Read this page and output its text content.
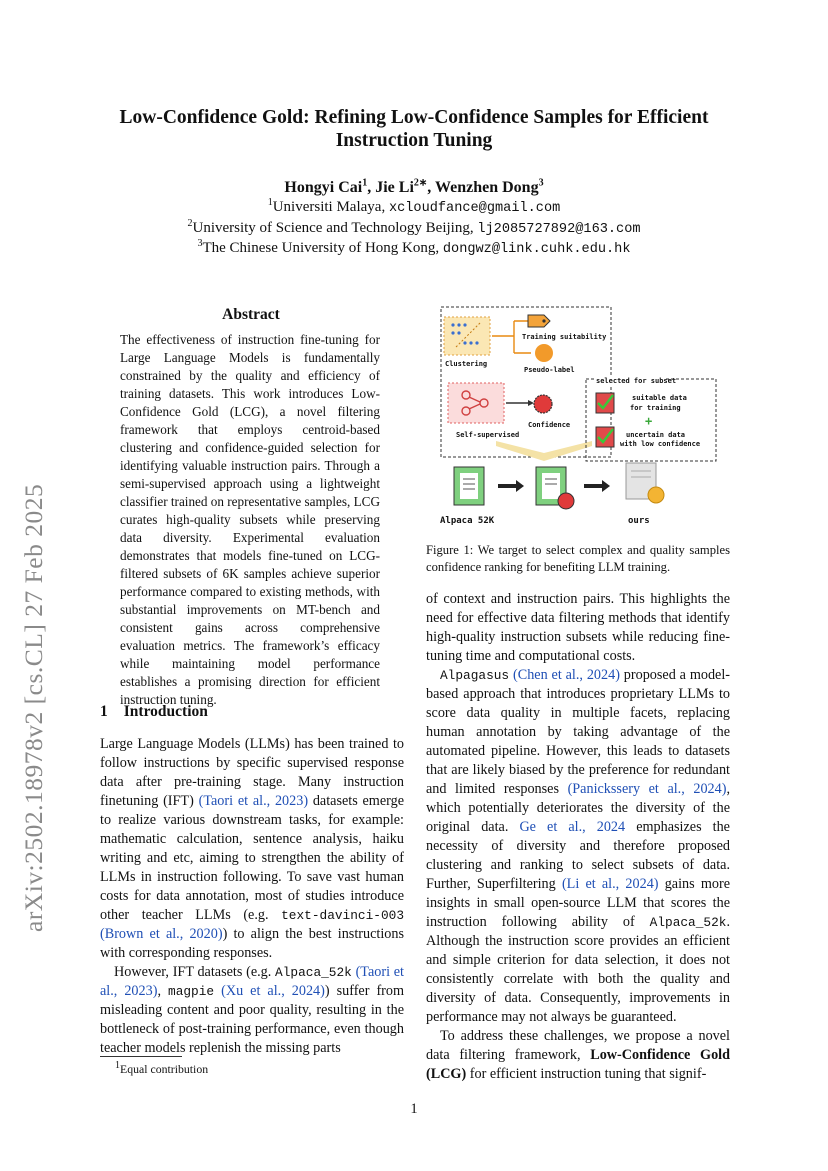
arXiv:2502.18978v2 [cs.CL] 27 Feb 2025
Low-Confidence Gold: Refining Low-Confidence Samples for Efficient
Instruction Tuning
Hongyi Cai$^1$, Jie $Li^{2∗}$, Wenzhen Dong$^3$
$^1$Universiti Malaya, xcloudfance@gmail.com
$^2$University of Science and Technology Beijing, lj2085727892@163.com
$^3$The Chinese University of Hong Kong, dongwz@link.cuhk.edu.hk
Abstract
The effectiveness of instruction fine-tuning for Large Language Models is fundamentally constrained by the quality and efficiency of training datasets. This work introduces Low-Confidence Gold (LCG), a novel filtering framework that employs centroid-based clustering and confidence-guided selection for identifying valuable instruction pairs. Through a semi-supervised approach using a lightweight classifier trained on representative samples, LCG curates high-quality subsets while preserving data diversity. Experimental evaluation demonstrates that models fine-tuned on LCG-filtered subsets of 6K samples achieve superior performance compared to existing methods, with substantial improvements on MT-bench and consistent gains across comprehensive evaluation metrics. The framework’s efficacy while maintaining model performance establishes a promising direction for efficient instruction tuning.
1 Introduction

Large Language Models (LLMs) has been trained to follow instructions by specific supervised response data after pre-training stage. Many instruction finetuning (IFT) (Taori et al., 2023) datasets emerge to realize various downstream tasks, for example: mathematic calculation, sentence analysis, haiku writing and etc, aiming to strengthen the ability of LLMs in instruction following. To save vast human costs for data annotation, most of studies introduce other teacher LLMs (e.g. text-davinci-003 (Brown et al., 2020)) to align the best instructions with corresponding responses.

However, IFT datasets (e.g. Alpaca_52k (Taori et al., 2023), magpie (Xu et al., 2024)) suffer from misleading content and poor quality, resulting in the bottleneck of post-training performance, even though teacher models replenish the missing parts

Clustering
Training suitability
Pseudo-label
Confidence
Self-supervised
selected for subset
suitable data
for training
+
uncertain data
with low confidence
Alpaca 52K	ours
Figure 1: We target to select complex and quality samples confidence ranking for benefiting LLM training.

of context and instruction pairs. This highlights the need for effective data filtering methods that identify high-quality instruction subsets while reducing fine-tuning time and computational costs.

Alpagasus (Chen et al., 2024) proposed a model-based approach that introduces proprietary LLMs to score data quality in multiple facets, replacing human annotation by taking advantage of the automated pipeline. However, this leads to datasets that are likely biased by the preference for redundant and limited responses (Panickssery et al., 2024), which potentially deteriorates the diversity of the original data. Ge et al., 2024 emphasizes the necessity of diversity and therefore proposed clustering and ranking to select subsets of data. Further, Superfiltering (Li et al., 2024) gains more insights in small open-source LLM that scores the instruction following ability of Alpaca_52k. Although the instruction score provides an efficient and simple criterion for data selection, it does not consistently correlate with both the quality and diversity of data. Consequently, improvements in performance may not always be guaranteed.

To address these challenges, we propose a novel data filtering framework, Low-Confidence Gold (LCG) for efficient instruction tuning that signif-

$^1$Equal contribution
1
